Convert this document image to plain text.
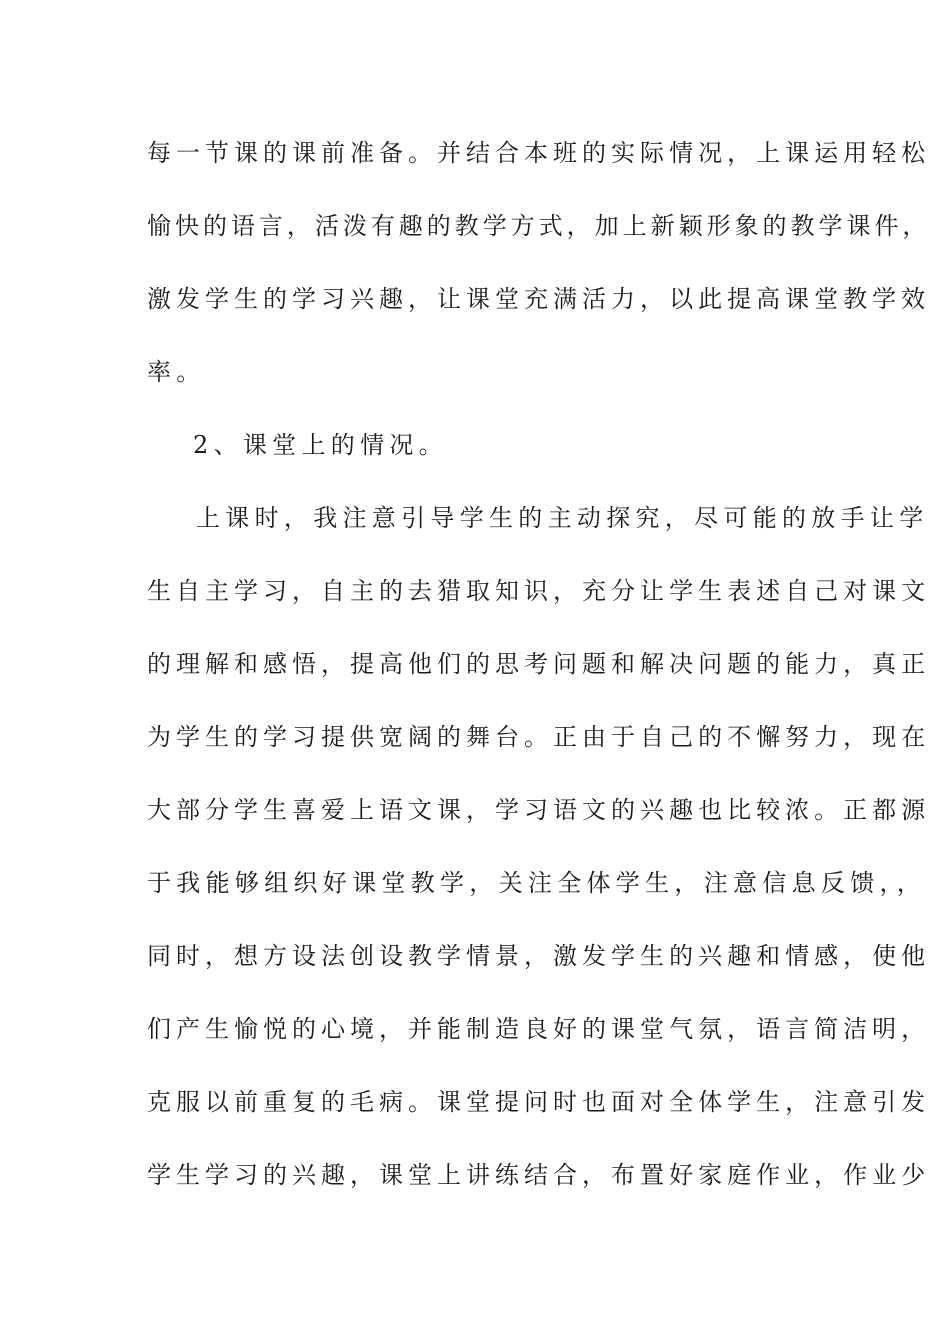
每一节课的课前准备。并结合本班的实际情况，上课运用轻松
愉快的语言，活泼有趣的教学方式，加上新颖形象的教学课件，
激发学生的学习兴趣，让课堂充满活力，以此提高课堂教学效
率。
2、课堂上的情况。
上课时，我注意引导学生的主动探究，尽可能的放手让学
生自主学习，自主的去猎取知识，充分让学生表述自己对课文
的理解和感悟，提高他们的思考问题和解决问题的能力，真正
为学生的学习提供宽阔的舞台。正由于自己的不懈努力，现在
大部分学生喜爱上语文课，学习语文的兴趣也比较浓。正都源
于我能够组织好课堂教学，关注全体学生，注意信息反馈，，
同时，想方设法创设教学情景，激发学生的兴趣和情感，使他
们产生愉悦的心境，并能制造良好的课堂气氛，语言简洁明，
克服以前重复的毛病。课堂提问时也面对全体学生，注意引发
学生学习的兴趣，课堂上讲练结合，布置好家庭作业，作业少
